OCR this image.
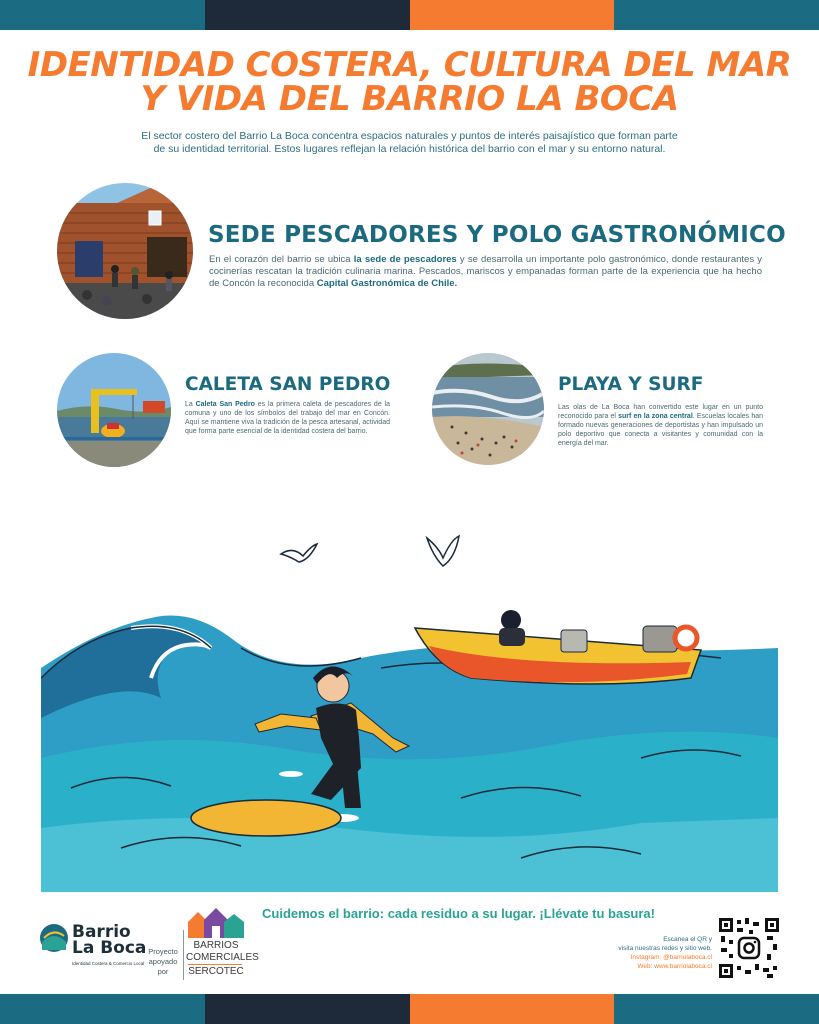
IDENTIDAD COSTERA, CULTURA DEL MAR
Y VIDA DEL BARRIO LA BOCA
El sector costero del Barrio La Boca concentra espacios naturales y puntos de interés paisajístico que forman parte
de su identidad territorial. Estos lugares reflejan la relación histórica del barrio con el mar y su entorno natural.
SEDE PESCADORES Y POLO GASTRONÓMICO
En el corazón del barrio se ubica la sede de pescadores y se desarrolla un importante polo gastronómico, donde restaurantes y cocinerías rescatan la tradición culinaria marina. Pescados, mariscos y empanadas forman parte de la experiencia que ha hecho de Concón la reconocida Capital Gastronómica de Chile.
CALETA SAN PEDRO
La Caleta San Pedro es la primera caleta de pescadores de la comuna y uno de los símbolos del trabajo del mar en Concón. Aquí se mantiene viva la tradición de la pesca artesanal, actividad que forma parte esencial de la identidad costera del barrio.
PLAYA Y SURF
Las olas de La Boca han convertido este lugar en un punto reconocido para el surf en la zona central. Escuelas locales han formado nuevas generaciones de deportistas y han impulsado un polo deportivo que conecta a visitantes y comunidad con la energía del mar.
Cuidemos el barrio: cada residuo a su lugar. ¡Llévate tu basura!
Barrio
La Boca
Identidad Costera & Comercio Local
Proyecto
apoyado
por
BARRIOS
COMERCIALES
SERCOTEC
Escanea el QR y
visita nuestras redes y sitio web.
Instagram: @barriolaboca.cl
Web: www.barriolaboca.cl
